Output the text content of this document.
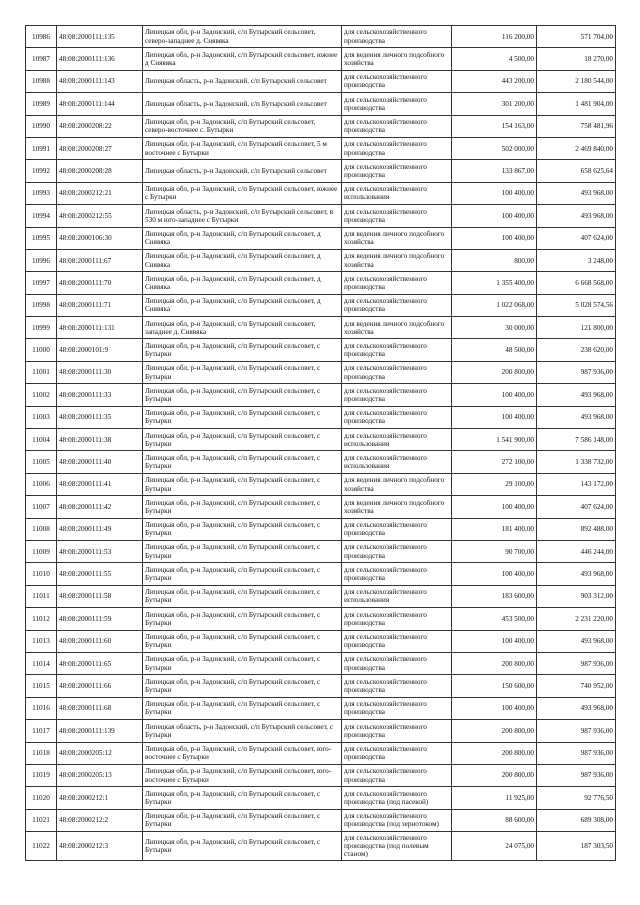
10986	48:08:2000111:135	Липецкая обл, р-н Задонский, с/п Бутырский сельсовет, северо-западнее д. Снявяка	для сельскохозяйственного производства	116 200,00	571 704,00
10987	48:08:2000111:136	Липецкая обл, р-н Задонский, с/п Бутырский сельсовет, южнее д Снявяка	для ведения личного подсобного хозяйства	4 500,00	18 270,00
10988	48:08:2000111:143	Липецкая область, р-н Задонский, с/п Бутырский сельсовет	для сельскохозяйственного производства	443 200,00	2 180 544,00
10989	48:08:2000111:144	Липецкая область, р-н Задонский, с/п Бутырский сельсовет	для сельскохозяйственного производства	301 200,00	1 481 904,00
10990	48:08:2000208:22	Липецкая обл, р-н Задонский, с/п Бутырский сельсовет, северо-восточнее с. Бутырки	для сельскохозяйственного производства	154 163,00	758 481,96
10991	48:08:2000208:27	Липецкая обл, р-н Задонский, с/п Бутырский сельсовет, 5 м восточнее с Бутырки	для сельскохозяйственного производства	502 000,00	2 469 840,00
10992	48:08:2000208:28	Липецкая область, р-н Задонский, с/п Бутырский сельсовет	для сельскохозяйственного производства	133 867,00	658 625,64
10993	48:08:2000212:21	Липецкая обл, р-н Задонский, с/п Бутырский сельсовет, южнее с Бутырки	для сельскохозяйственного использования	100 400,00	493 968,00
10994	48:08:2000212:55	Липецкая область, р-н Задонский, с/п Бутырский сельсовет, в 530 м юго-западнее с Бутырки	для сельскохозяйственного производства	100 400,00	493 968,00
10995	48:08:2000106:30	Липецкая обл, р-н Задонский, с/п Бутырский сельсовет, д Снявяка	для ведения личного подсобного хозяйства	100 400,00	407 624,00
10996	48:08:2000111:67	Липецкая обл, р-н Задонский, с/п Бутырский сельсовет, д Снявяка	для ведения личного подсобного хозяйства	800,00	3 248,00
10997	48:08:2000111:70	Липецкая обл, р-н Задонский, с/п Бутырский сельсовет, д Снявяка	для сельскохозяйственного производства	1 355 400,00	6 668 568,00
10998	48:08:2000111:71	Липецкая обл, р-н Задонский, с/п Бутырский сельсовет, д Снявяка	для сельскохозяйственного производства	1 022 068,00	5 028 574,56
10999	48:08:2000111:131	Липецкая обл, р-н Задонский, с/п Бутырский сельсовет, западнее д. Снявяка	для ведения личного подсобного хозяйства	30 000,00	121 800,00
11000	48:08:2000101:9	Липецкая обл, р-н Задонский, с/п Бутырский сельсовет, с Бутырки	для сельскохозяйственного производства	48 500,00	238 620,00
11001	48:08:2000111:30	Липецкая обл, р-н Задонский, с/п Бутырский сельсовет, с Бутырки	для сельскохозяйственного производства	200 800,00	987 936,00
11002	48:08:2000111:33	Липецкая обл, р-н Задонский, с/п Бутырский сельсовет, с Бутырки	для сельскохозяйственного производства	100 400,00	493 968,00
11003	48:08:2000111:35	Липецкая обл, р-н Задонский, с/п Бутырский сельсовет, с Бутырки	для сельскохозяйственного производства	100 400,00	493 968,00
11004	48:08:2000111:38	Липецкая обл, р-н Задонский, с/п Бутырский сельсовет, с Бутырки	для сельскохозяйственного использования	1 541 900,00	7 586 148,00
11005	48:08:2000111:40	Липецкая обл, р-н Задонский, с/п Бутырский сельсовет, с Бутырки	для сельскохозяйственного использования	272 100,00	1 338 732,00
11006	48:08:2000111:41	Липецкая обл, р-н Задонский, с/п Бутырский сельсовет, с Бутырки	для ведения личного подсобного хозяйства	29 100,00	143 172,00
11007	48:08:2000111:42	Липецкая обл, р-н Задонский, с/п Бутырский сельсовет, с Бутырки	для ведения личного подсобного хозяйства	100 400,00	407 624,00
11008	48:08:2000111:49	Липецкая обл, р-н Задонский, с/п Бутырский сельсовет, с Бутырки	для сельскохозяйственного производства	181 400,00	892 488,00
11009	48:08:2000111:53	Липецкая обл, р-н Задонский, с/п Бутырский сельсовет, с Бутырки	для сельскохозяйственного производства	90 700,00	446 244,00
11010	48:08:2000111:55	Липецкая обл, р-н Задонский, с/п Бутырский сельсовет, с Бутырки	для сельскохозяйственного производства	100 400,00	493 968,00
11011	48:08:2000111:58	Липецкая обл, р-н Задонский, с/п Бутырский сельсовет, с Бутырки	для сельскохозяйственного использования	183 600,00	903 312,00
11012	48:08:2000111:59	Липецкая обл, р-н Задонский, с/п Бутырский сельсовет, с Бутырки	для сельскохозяйственного производства	453 500,00	2 231 220,00
11013	48:08:2000111:60	Липецкая обл, р-н Задонский, с/п Бутырский сельсовет, с Бутырки	для сельскохозяйственного производства	100 400,00	493 968,00
11014	48:08:2000111:65	Липецкая обл, р-н Задонский, с/п Бутырский сельсовет, с Бутырки	для сельскохозяйственного производства	200 800,00	987 936,00
11015	48:08:2000111:66	Липецкая обл, р-н Задонский, с/п Бутырский сельсовет, с Бутырки	для сельскохозяйственного производства	150 600,00	740 952,00
11016	48:08:2000111:68	Липецкая обл, р-н Задонский, с/п Бутырский сельсовет, с Бутырки	для сельскохозяйственного производства	100 400,00	493 968,00
11017	48:08:2000111:139	Липецкая область, р-н Задонский, с/п Бутырский сельсовет, с Бутырки	для сельскохозяйственного производства	200 800,00	987 936,00
11018	48:08:2000205:12	Липецкая обл, р-н Задонский, с/п Бутырский сельсовет, юго-восточнее с Бутырки	для сельскохозяйственного производства	200 800,00	987 936,00
11019	48:08:2000205:13	Липецкая обл, р-н Задонский, с/п Бутырский сельсовет, юго-восточнее с Бутырки	для сельскохозяйственного производства	200 800,00	987 936,00
11020	48:08:2000212:1	Липецкая обл, р-н Задонский, с/п Бутырский сельсовет, с Бутырки	для сельскохозяйственного производства (под пасекой)	11 925,00	92 776,50
11021	48:08:2000212:2	Липецкая обл, р-н Задонский, с/п Бутырский сельсовет, с Бутырки	для сельскохозяйственного производства (под зернотоком)	88 600,00	689 308,00
11022	48:08:2000212:3	Липецкая обл, р-н Задонский, с/п Бутырский сельсовет, с Бутырки	для сельскохозяйственного производства (под полевым станом)	24 075,00	187 303,50
